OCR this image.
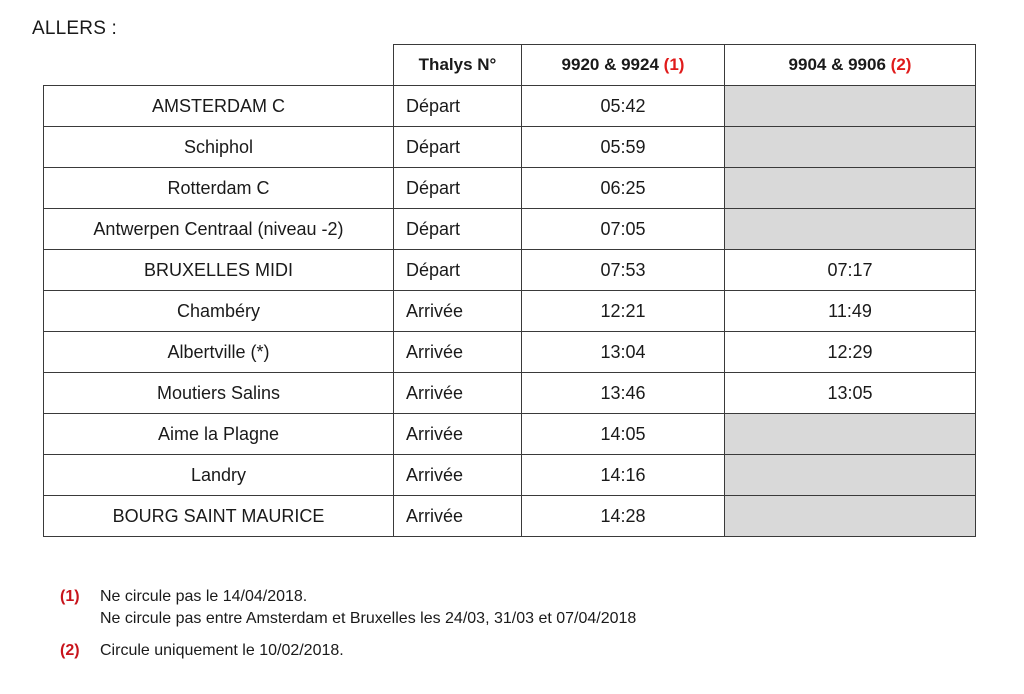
ALLERS :
	Thalys N°	9920 & 9924 (1)	9904 & 9906 (2)
AMSTERDAM C	Départ	05:42	
Schiphol	Départ	05:59	
Rotterdam C	Départ	06:25	
Antwerpen Centraal (niveau -2)	Départ	07:05	
BRUXELLES MIDI	Départ	07:53	07:17
Chambéry	Arrivée	12:21	11:49
Albertville (*)	Arrivée	13:04	12:29
Moutiers Salins	Arrivée	13:46	13:05
Aime la Plagne	Arrivée	14:05	
Landry	Arrivée	14:16	
BOURG SAINT MAURICE	Arrivée	14:28	
(1)	Ne circule pas le 14/04/2018.
Ne circule pas entre Amsterdam et Bruxelles les 24/03, 31/03 et 07/04/2018
(2)	Circule uniquement le 10/02/2018.
